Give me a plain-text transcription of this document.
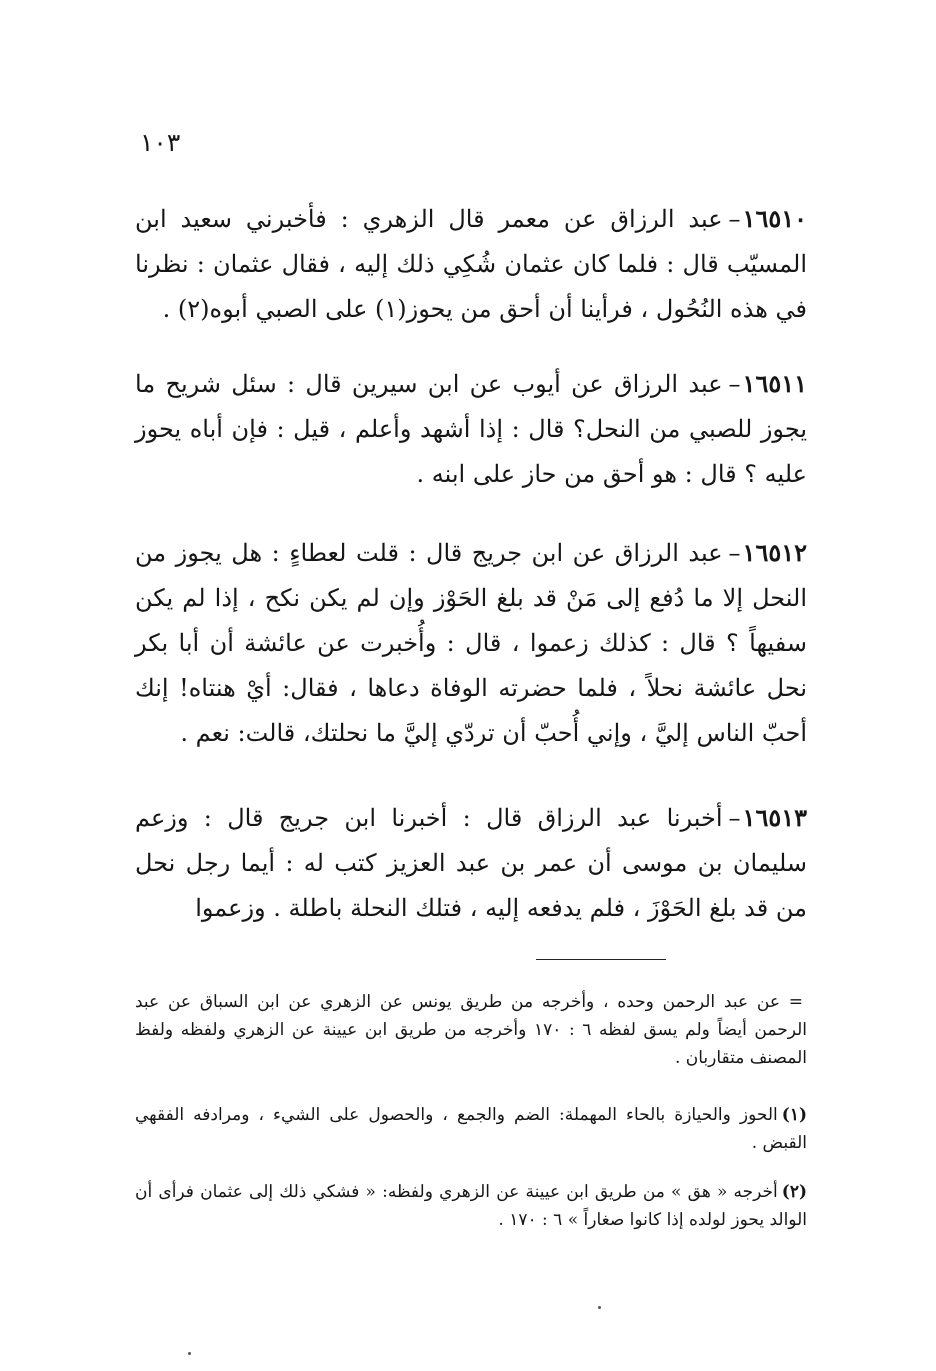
١٠٣

١٦٥١٠–عبد الرزاق عن معمر قال الزهري : فأخبرني سعيد ابن المسيّب قال : فلما كان عثمان شُكِي ذلك إليه ، فقال عثمان : نظرنا في هذه النُحُول ، فرأينا أن أحق من يحوز(١) على الصبي أبوه(٢) .

١٦٥١١–عبد الرزاق عن أيوب عن ابن سيرين قال : سئل شريح ما يجوز للصبي من النحل؟ قال : إذا أشهد وأعلم ، قيل : فإن أباه يحوز عليه ؟ قال : هو أحق من حاز على ابنه .

١٦٥١٢–عبد الرزاق عن ابن جريج قال : قلت لعطاءٍ : هل يجوز من النحل إلا ما دُفع إلى مَنْ قد بلغ الحَوْز وإن لم يكن نكح ، إذا لم يكن سفيهاً ؟ قال : كذلك زعموا ، قال : وأُخبرت عن عائشة أن أبا بكر نحل عائشة نحلاً ، فلما حضرته الوفاة دعاها ، فقال: أيْ هنتاه! إنك أحبّ الناس إليَّ ، وإني أُحبّ أن تردّي إليَّ ما نحلتك، قالت: نعم .

١٦٥١٣–أخبرنا عبد الرزاق قال : أخبرنا ابن جريج قال : وزعم سليمان بن موسى أن عمر بن عبد العزيز كتب له : أيما رجل نحل من قد بلغ الحَوْزَ ، فلم يدفعه إليه ، فتلك النحلة باطلة . وزعموا

= عن عبد الرحمن وحده ، وأخرجه من طريق يونس عن الزهري عن ابن السباق عن عبد الرحمن أيضاً ولم يسق لفظه ٦ : ١٧٠ وأخرجه من طريق ابن عيينة عن الزهري ولفظه ولفظ المصنف متقاربان .

(١)الحوز والحيازة بالحاء المهملة: الضم والجمع ، والحصول على الشيء ، ومرادفه الفقهي القبض .

(٢)أخرجه « هق » من طريق ابن عيينة عن الزهري ولفظه: « فشكي ذلك إلى عثمان فرأى أن الوالد يحوز لولده إذا كانوا صغاراً » ٦ : ١٧٠ .
